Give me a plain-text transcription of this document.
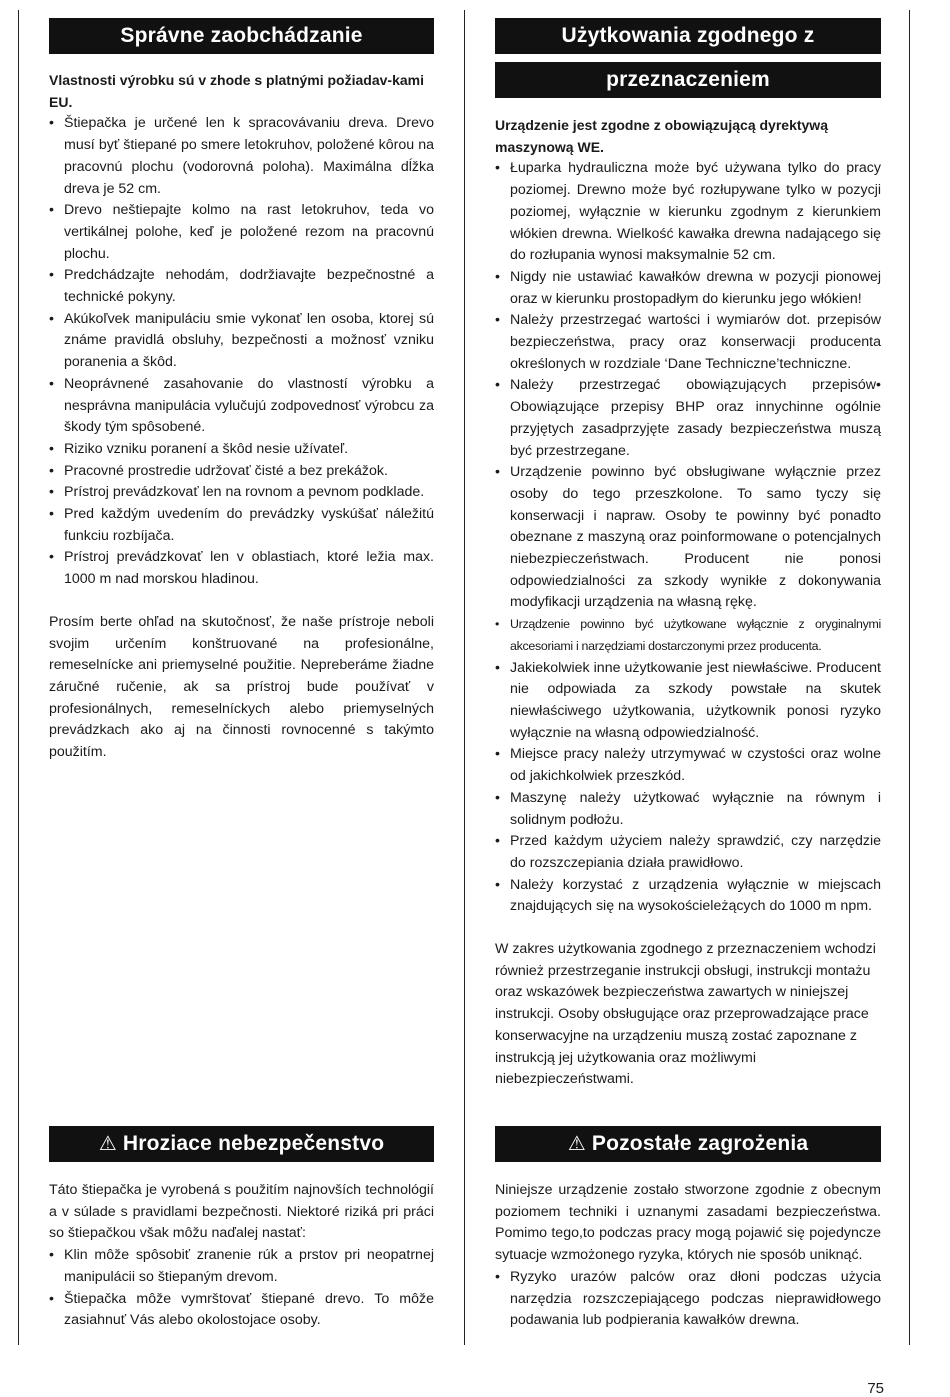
Správne zaobchádzanie
Vlastnosti výrobku sú v zhode s platnými požiadav-kami EU.
• Štiepačka je určené len k spracovávaniu dreva. Drevo musí byť štiepané po smere letokruhov, položené kôrou na pracovnú plochu (vodorovná poloha). Maximálna dĺžka dreva je 52 cm.
• Drevo neštiepajte kolmo na rast letokruhov, teda vo vertikálnej polohe, keď je položené rezom na pracovnú plochu.
• Predchádzajte nehodám, dodržiavajte bezpečnostné a technické pokyny.
• Akúkoľvek manipuláciu smie vykonať len osoba, ktorej sú známe pravidlá obsluhy, bezpečnosti a možnosť vzniku poranenia a škôd.
• Neoprávnené zasahovanie do vlastností výrobku a nesprávna manipulácia vylučujú zodpovednosť výrobcu za škody tým spôsobené.
• Riziko vzniku poranení a škôd nesie užívateľ.
• Pracovné prostredie udržovať čisté a bez prekážok.
• Prístroj prevádzkovať len na rovnom a pevnom podklade.
• Pred každým uvedením do prevádzky vyskúšať náležitú funkciu rozbíjača.
• Prístroj prevádzkovať len v oblastiach, ktoré ležia max. 1000 m nad morskou hladinou.

Prosím berte ohľad na skutočnosť, že naše prístroje neboli svojim určením konštruované na profesionálne, remeselnícke ani priemyselné použitie. Nepreberáme žiadne záručné ručenie, ak sa prístroj bude používať v profesionálnych, remeselníckych alebo priemyselných prevádzkach ako aj na činnosti rovnocenné s takýmto použitím.

⚠ Hroziace nebezpečenstvo

Táto štiepačka je vyrobená s použitím najnovších technológií a v súlade s pravidlami bezpečnosti. Niektoré riziká pri práci so štiepačkou však môžu naďalej nastať:

• Klin môže spôsobiť zranenie rúk a prstov pri neopatrnej manipulácii so štiepaným drevom.
• Štiepačka môže vymrštovať štiepané drevo. To môže zasiahnuť Vás alebo okolostojace osoby.
Użytkowania zgodnego z
przeznaczeniem
Urządzenie jest zgodne z obowiązującą dyrektywą maszynową WE.
• Łuparka hydrauliczna może być używana tylko do pracy poziomej. Drewno może być rozłupywane tylko w pozycji poziomej, wyłącznie w kierunku zgodnym z kierunkiem włókien drewna. Wielkość kawałka drewna nadającego się do rozłupania wynosi maksymalnie 52 cm.
• Nigdy nie ustawiać kawałków drewna w pozycji pionowej oraz w kierunku prostopadłym do kierunku jego włókien!
• Należy przestrzegać wartości i wymiarów dot. przepisów bezpieczeństwa, pracy oraz konserwacji producenta określonych w rozdziale ‘Dane Techniczne’techniczne.
• Należy przestrzegać obowiązujących przepisów• Obowiązujące przepisy BHP oraz innychinne ogólnie przyjętych zasadprzyjęte zasady bezpieczeństwa muszą być przestrzegane.
• Urządzenie powinno być obsługiwane wyłącznie przez osoby do tego przeszkolone. To samo tyczy się konserwacji i napraw. Osoby te powinny być ponadto obeznane z maszyną oraz poinformowane o potencjalnych niebezpieczeństwach. Producent nie ponosi odpowiedzialności za szkody wynikłe z dokonywania modyfikacji urządzenia na własną rękę.
• Urządzenie powinno być użytkowane wyłącznie z oryginalnymi akcesoriami i narzędziami dostarczonymi przez producenta.
• Jakiekolwiek inne użytkowanie jest niewłaściwe. Producent nie odpowiada za szkody powstałe na skutek niewłaściwego użytkowania, użytkownik ponosi ryzyko wyłącznie na własną odpowiedzialność.
• Miejsce pracy należy utrzymywać w czystości oraz wolne od jakichkolwiek przeszkód.
• Maszynę należy użytkować wyłącznie na równym i solidnym podłożu.
• Przed każdym użyciem należy sprawdzić, czy narzędzie do rozszczepiania działa prawidłowo.
• Należy korzystać z urządzenia wyłącznie w miejscach znajdujących się na wysokościeleżących do 1000 m npm.

W zakres użytkowania zgodnego z przeznaczeniem wchodzi również przestrzeganie instrukcji obsługi, instrukcji montażu oraz wskazówek bezpieczeństwa zawartych w niniejszej instrukcji. Osoby obsługujące oraz przeprowadzające prace konserwacyjne na urządzeniu muszą zostać zapoznane z instrukcją jej użytkowania oraz możliwymi niebezpieczeństwami.

⚠ Pozostałe zagrożenia

Niniejsze urządzenie zostało stworzone zgodnie z obecnym poziomem techniki i uznanymi zasadami bezpieczeństwa. Pomimo tego,to podczas pracy mogą pojawić się pojedyncze sytuacje wzmożonego ryzyka, których nie sposób uniknąć.

• Ryzyko urazów palców oraz dłoni podczas użycia narzędzia rozszczepiającego podczas nieprawidłowego podawania lub podpierania kawałków drewna.
75
